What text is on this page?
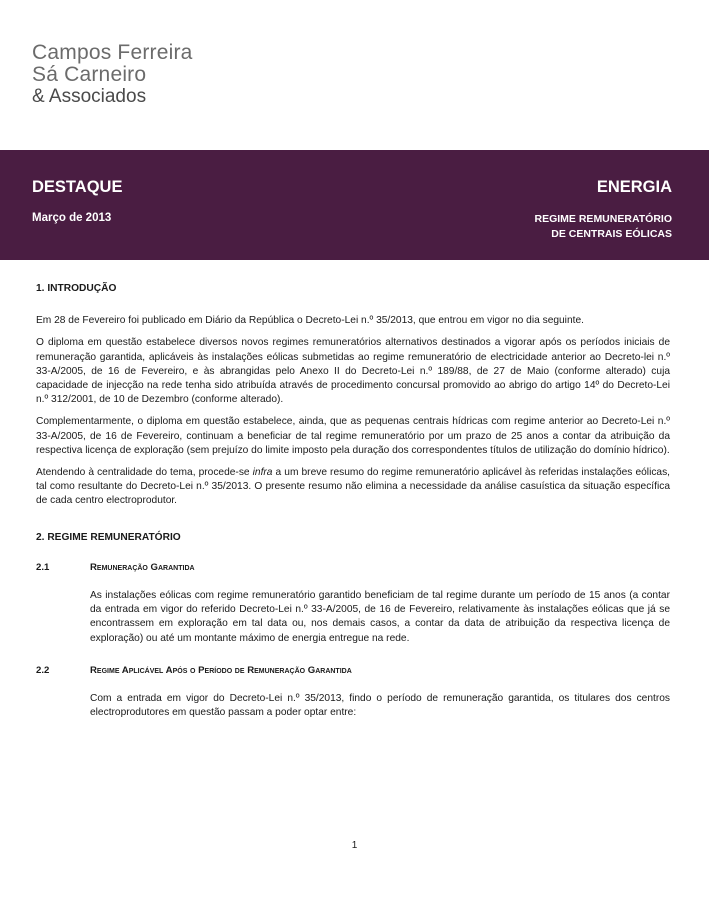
Campos Ferreira
Sá Carneiro
& Associados
DESTAQUE
Março de 2013
ENERGIA
REGIME REMUNERATÓRIO
DE CENTRAIS EÓLICAS

1. INTRODUÇÃO

Em 28 de Fevereiro foi publicado em Diário da República o Decreto-Lei n.º 35/2013, que entrou em vigor no dia seguinte.

O diploma em questão estabelece diversos novos regimes remuneratórios alternativos destinados a vigorar após os períodos iniciais de remuneração garantida, aplicáveis às instalações eólicas submetidas ao regime remuneratório de electricidade anterior ao Decreto-lei n.º 33-A/2005, de 16 de Fevereiro, e às abrangidas pelo Anexo II do Decreto-Lei n.º 189/88, de 27 de Maio (conforme alterado) cuja capacidade de injecção na rede tenha sido atribuída através de procedimento concursal promovido ao abrigo do artigo 14º do Decreto-Lei n.º 312/2001, de 10 de Dezembro (conforme alterado).

Complementarmente, o diploma em questão estabelece, ainda, que as pequenas centrais hídricas com regime anterior ao Decreto-Lei n.º 33-A/2005, de 16 de Fevereiro, continuam a beneficiar de tal regime remuneratório por um prazo de 25 anos a contar da atribuição da respectiva licença de exploração (sem prejuízo do limite imposto pela duração dos correspondentes títulos de utilização do domínio hídrico).

Atendendo à centralidade do tema, procede-se infra a um breve resumo do regime remuneratório aplicável às referidas instalações eólicas, tal como resultante do Decreto-Lei n.º 35/2013. O presente resumo não elimina a necessidade da análise casuística da situação específica de cada centro electroprodutor.

2. REGIME REMUNERATÓRIO

2.1	Remuneração Garantida

As instalações eólicas com regime remuneratório garantido beneficiam de tal regime durante um período de 15 anos (a contar da entrada em vigor do referido Decreto-Lei n.º 33-A/2005, de 16 de Fevereiro, relativamente às instalações eólicas que já se encontrassem em exploração em tal data ou, nos demais casos, a contar da data de atribuição da respectiva licença de exploração) ou até um montante máximo de energia entregue na rede.

2.2	Regime Aplicável Após o Período de Remuneração Garantida

Com a entrada em vigor do Decreto-Lei n.º 35/2013, findo o período de remuneração garantida, os titulares dos centros electroprodutores em questão passam a poder optar entre:

1
